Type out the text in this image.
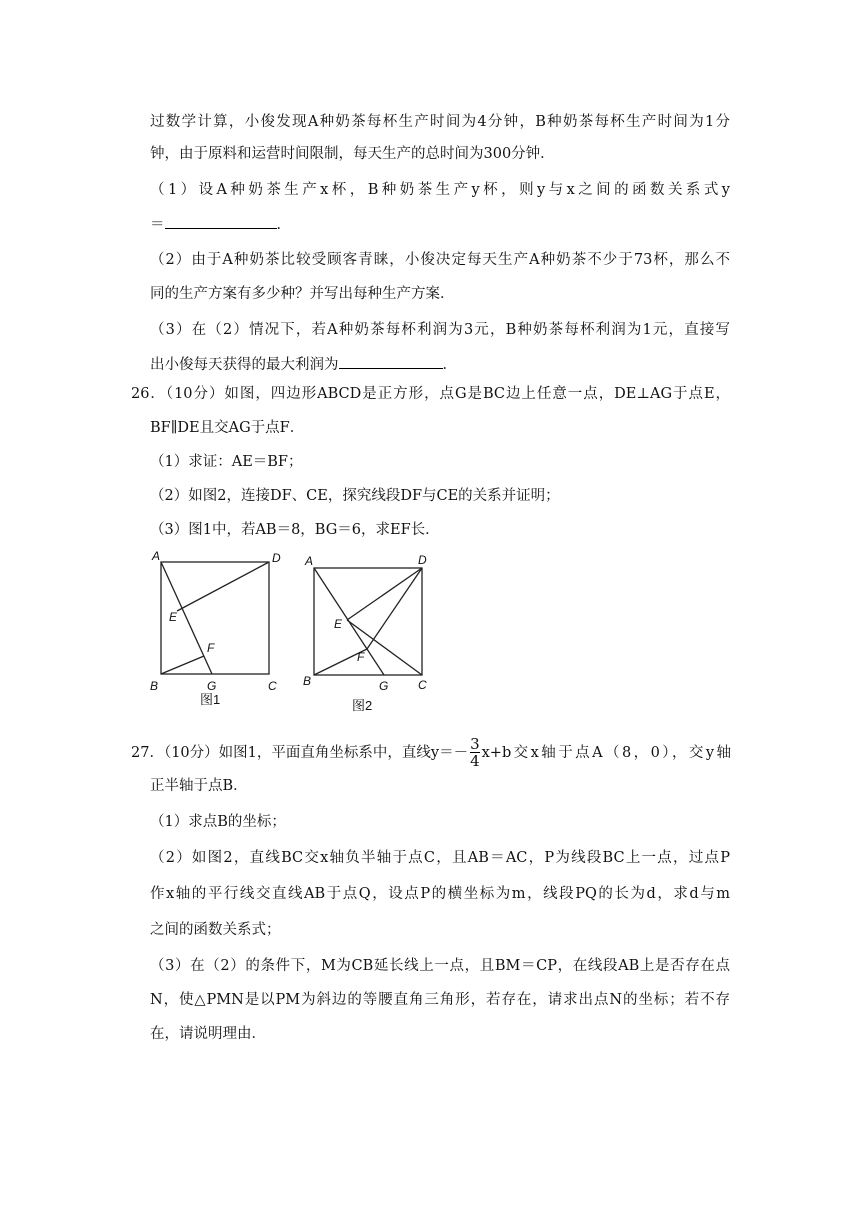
过数学计算，小俊发现A种奶茶每杯生产时间为4分钟，B种奶茶每杯生产时间为1分
钟，由于原料和运营时间限制，每天生产的总时间为300分钟．
（1）设A种奶茶生产x杯，B种奶茶生产y杯，则y与x之间的函数关系式y
＝	．
（2）由于A种奶茶比较受顾客青睐，小俊决定每天生产A种奶茶不少于73杯，那么不
同的生产方案有多少种？并写出每种生产方案．
（3）在（2）情况下，若A种奶茶每杯利润为3元，B种奶茶每杯利润为1元，直接写
出小俊每天获得的最大利润为	．
26．（10分）如图，四边形ABCD是正方形，点G是BC边上任意一点，DE⊥AG于点E，
BF∥DE且交AG于点F．
（1）求证：AE＝BF；
（2）如图2，连接DF、CE，探究线段DF与CE的关系并证明；
（3）图1中，若AB＝8，BG＝6，求EF长．
A	D
E
F
B	G	C
图1
A	D
E
F
B	G C
图2
27．（10分）如图1，平面直角坐标系中，直线$y=- \frac{3}{4} x+b$交x轴于点A（8，0），交y轴
正半轴于点B．
（1）求点B的坐标；
（2）如图2，直线BC交x轴负半轴于点C，且AB＝AC，P为线段BC上一点，过点P
作x轴的平行线交直线AB于点Q，设点P的横坐标为m，线段PQ的长为d，求d与m
之间的函数关系式；
（3）在（2）的条件下，M为CB延长线上一点，且BM＝CP，在线段AB上是否存在点
N，使△PMN是以PM为斜边的等腰直角三角形，若存在，请求出点N的坐标；若不存
在，请说明理由．
